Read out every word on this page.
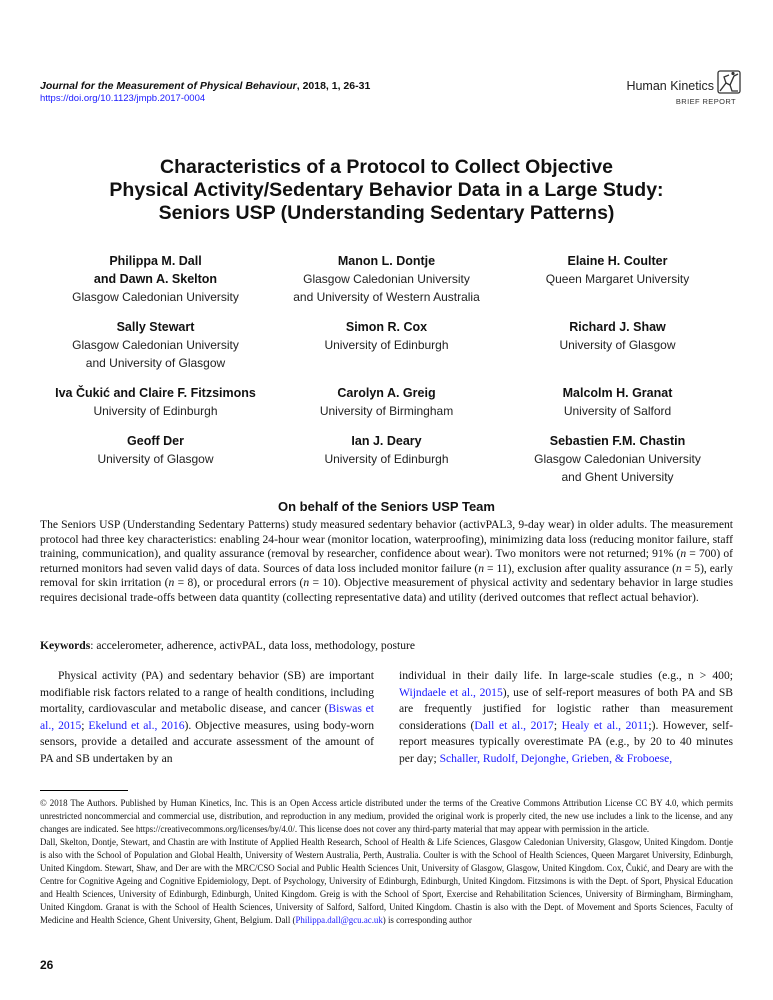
Journal for the Measurement of Physical Behaviour, 2018, 1, 26-31
https://doi.org/10.1123/jmpb.2017-0004
Human Kinetics
BRIEF REPORT
Characteristics of a Protocol to Collect Objective
Physical Activity/Sedentary Behavior Data in a Large Study:
Seniors USP (Understanding Sedentary Patterns)
Philippa M. Dall
and Dawn A. Skelton
Glasgow Caledonian University
Manon L. Dontje
Glasgow Caledonian University
and University of Western Australia
Elaine H. Coulter
Queen Margaret University
Sally Stewart
Glasgow Caledonian University
and University of Glasgow
Simon R. Cox
University of Edinburgh
Richard J. Shaw
University of Glasgow
Iva Čukić and Claire F. Fitzsimons
University of Edinburgh
Carolyn A. Greig
University of Birmingham
Malcolm H. Granat
University of Salford
Geoff Der
University of Glasgow
Ian J. Deary
University of Edinburgh
Sebastien F.M. Chastin
Glasgow Caledonian University
and Ghent University
On behalf of the Seniors USP Team
The Seniors USP (Understanding Sedentary Patterns) study measured sedentary behavior (activPAL3, 9-day wear) in older adults. The measurement protocol had three key characteristics: enabling 24-hour wear (monitor location, waterproofing), minimizing data loss (reducing monitor failure, staff training, communication), and quality assurance (removal by researcher, confidence about wear). Two monitors were not returned; 91% (n = 700) of returned monitors had seven valid days of data. Sources of data loss included monitor failure (n = 11), exclusion after quality assurance (n = 5), early removal for skin irritation (n = 8), or procedural errors (n = 10). Objective measurement of physical activity and sedentary behavior in large studies requires decisional trade-offs between data quantity (collecting representative data) and utility (derived outcomes that reflect actual behavior).
Keywords: accelerometer, adherence, activPAL, data loss, methodology, posture
Physical activity (PA) and sedentary behavior (SB) are important modifiable risk factors related to a range of health conditions, including mortality, cardiovascular and metabolic disease, and cancer (Biswas et al., 2015; Ekelund et al., 2016). Objective measures, using body-worn sensors, provide a detailed and accurate assessment of the amount of PA and SB undertaken by an
individual in their daily life. In large-scale studies (e.g., n > 400; Wijndaele et al., 2015), use of self-report measures of both PA and SB are frequently justified for logistic rather than measurement considerations (Dall et al., 2017; Healy et al., 2011;). However, self-report measures typically overestimate PA (e.g., by 20 to 40 minutes per day; Schaller, Rudolf, Dejonghe, Grieben, & Froboese,

© 2018 The Authors. Published by Human Kinetics, Inc. This is an Open Access article distributed under the terms of the Creative Commons Attribution License CC BY 4.0, which permits unrestricted noncommercial and commercial use, distribution, and reproduction in any medium, provided the original work is properly cited, the new use includes a link to the license, and any changes are indicated. See https://creativecommons.org/licenses/by/4.0/. This license does not cover any third-party material that may appear with permission in the article.

Dall, Skelton, Dontje, Stewart, and Chastin are with Institute of Applied Health Research, School of Health & Life Sciences, Glasgow Caledonian University, Glasgow, United Kingdom. Dontje is also with the School of Population and Global Health, University of Western Australia, Perth, Australia. Coulter is with the School of Health Sciences, Queen Margaret University, Edinburgh, United Kingdom. Stewart, Shaw, and Der are with the MRC/CSO Social and Public Health Sciences Unit, University of Glasgow, Glasgow, United Kingdom. Cox, Čukić, and Deary are with the Centre for Cognitive Ageing and Cognitive Epidemiology, Dept. of Psychology, University of Edinburgh, Edinburgh, United Kingdom. Fitzsimons is with the Dept. of Sport, Physical Education and Health Sciences, University of Edinburgh, Edinburgh, United Kingdom. Greig is with the School of Sport, Exercise and Rehabilitation Sciences, University of Birmingham, Birmingham, United Kingdom. Granat is with the School of Health Sciences, University of Salford, Salford, United Kingdom. Chastin is also with the Dept. of Movement and Sports Sciences, Faculty of Medicine and Health Science, Ghent University, Ghent, Belgium. Dall (Philippa.dall@gcu.ac.uk) is corresponding author

26
